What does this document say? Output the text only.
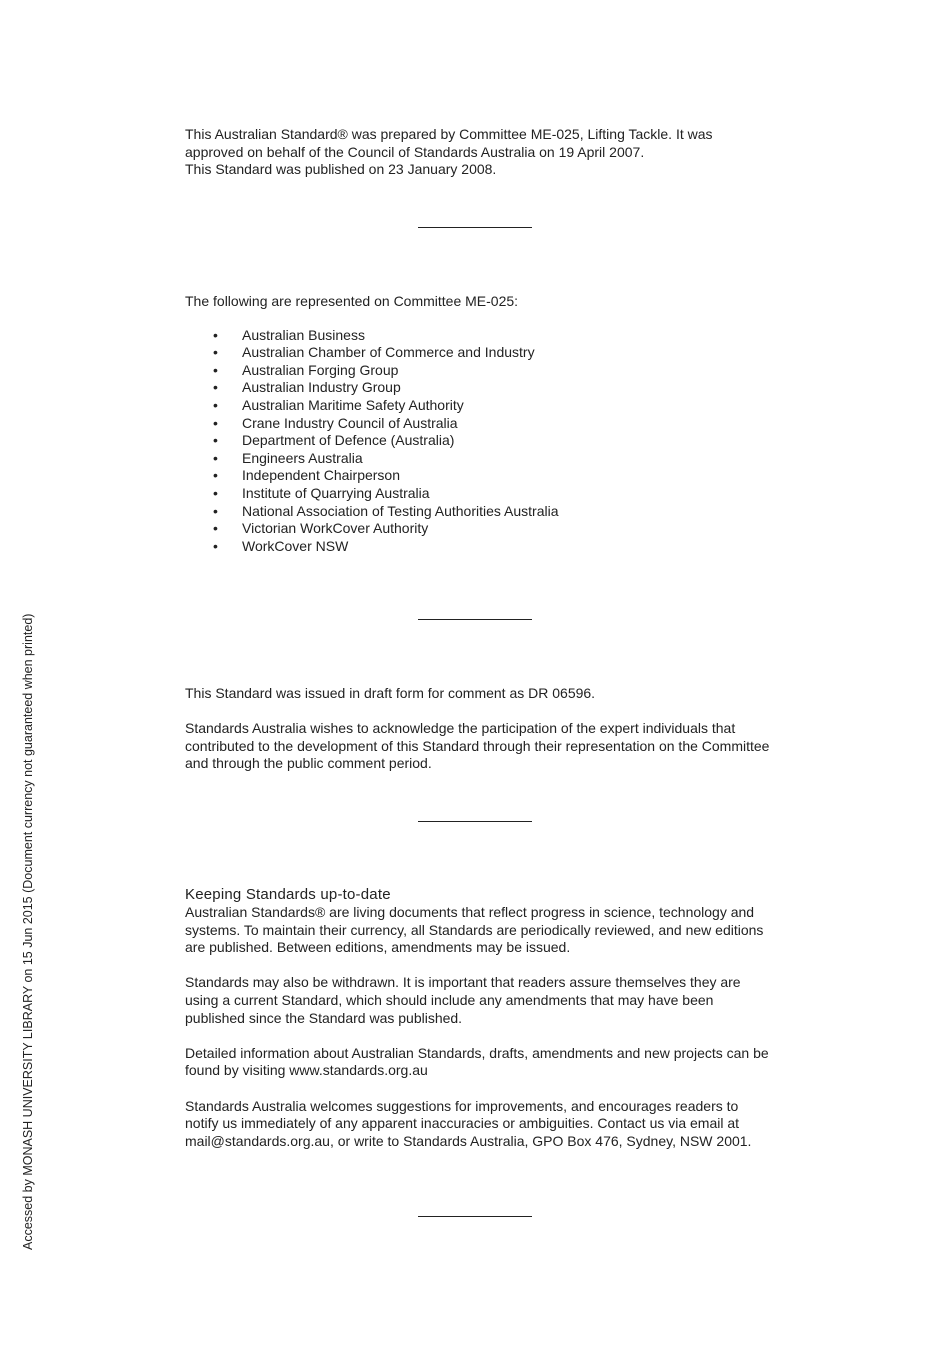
This Australian Standard® was prepared by Committee ME-025, Lifting Tackle. It was
approved on behalf of the Council of Standards Australia on 19 April 2007.
This Standard was published on 23 January 2008.

The following are represented on Committee ME-025:

• Australian Business
• Australian Chamber of Commerce and Industry
• Australian Forging Group
• Australian Industry Group
• Australian Maritime Safety Authority
• Crane Industry Council of Australia
• Department of Defence (Australia)
• Engineers Australia
• Independent Chairperson
• Institute of Quarrying Australia
• National Association of Testing Authorities Australia
• Victorian WorkCover Authority
• WorkCover NSW

This Standard was issued in draft form for comment as DR 06596.

Standards Australia wishes to acknowledge the participation of the expert individuals that contributed to the development of this Standard through their representation on the Committee and through the public comment period.

Keeping Standards up-to-date

Australian Standards® are living documents that reflect progress in science, technology and systems. To maintain their currency, all Standards are periodically reviewed, and new editions are published. Between editions, amendments may be issued.

Standards may also be withdrawn. It is important that readers assure themselves they are using a current Standard, which should include any amendments that may have been published since the Standard was published.

Detailed information about Australian Standards, drafts, amendments and new projects can be found by visiting www.standards.org.au

Standards Australia welcomes suggestions for improvements, and encourages readers to notify us immediately of any apparent inaccuracies or ambiguities. Contact us via email at mail@standards.org.au, or write to Standards Australia, GPO Box 476, Sydney, NSW 2001.

Accessed by MONASH UNIVERSITY LIBRARY on 15 Jun 2015 (Document currency not guaranteed when printed)
